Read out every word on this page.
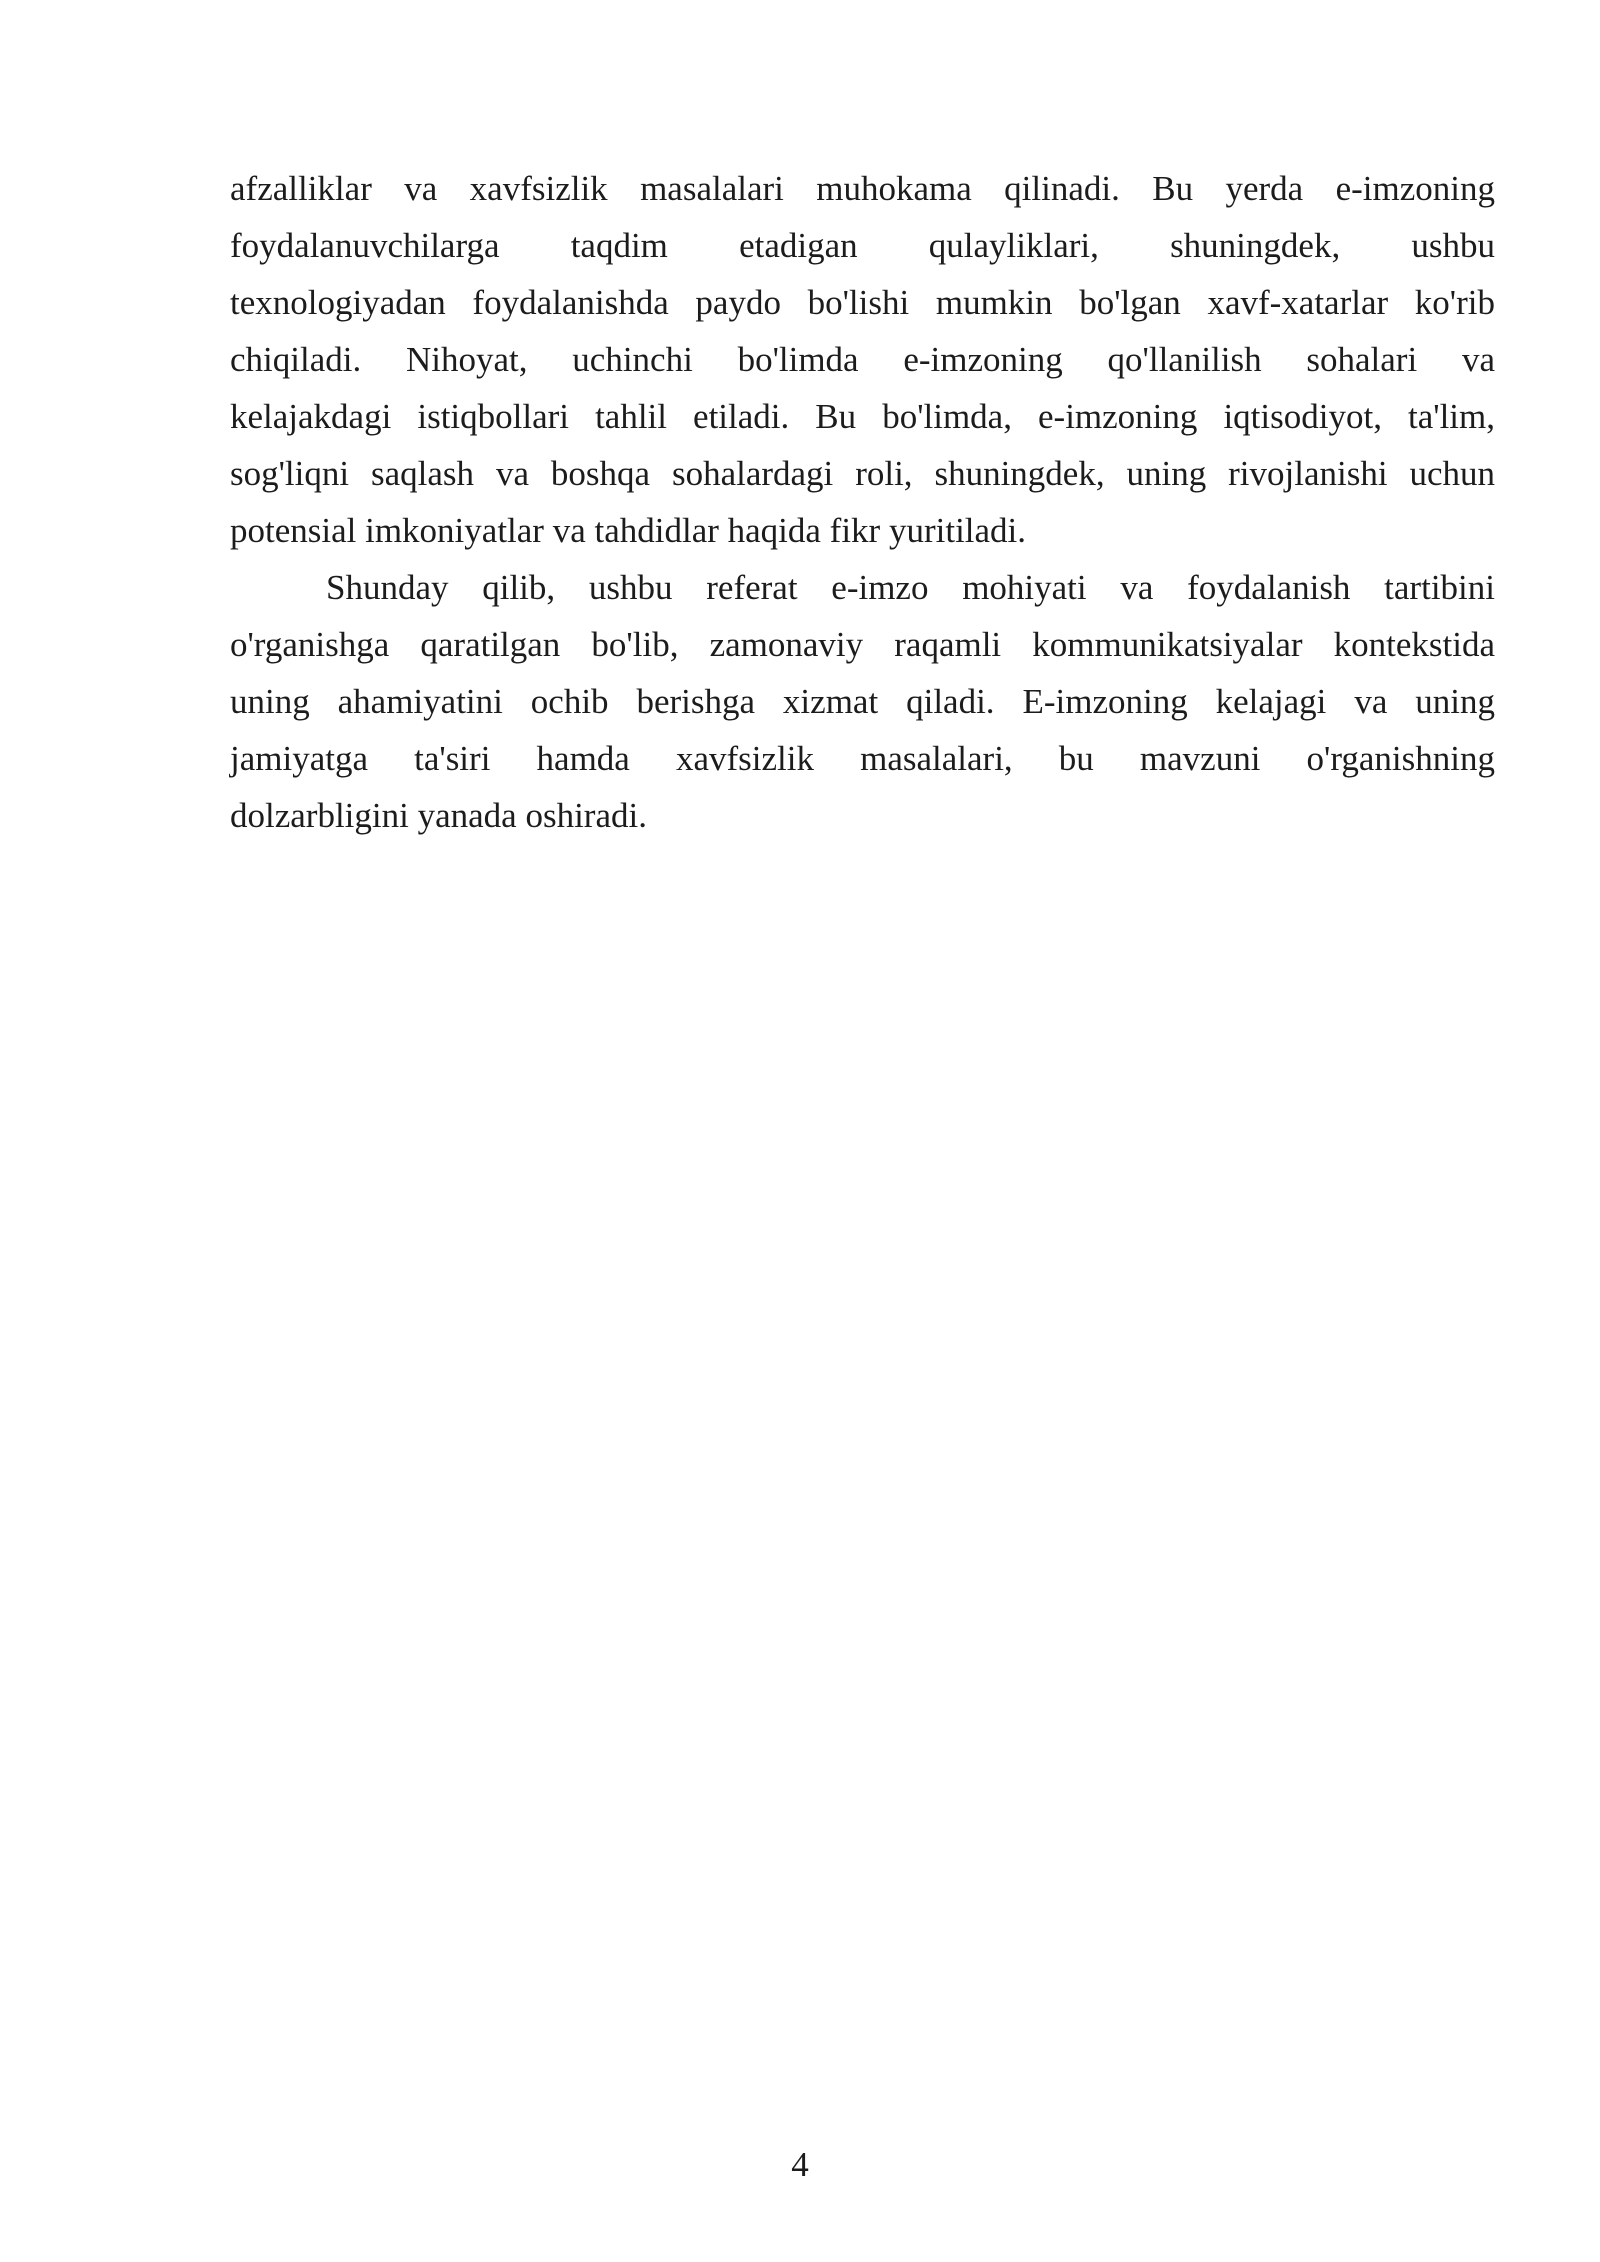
afzalliklar va xavfsizlik masalalari muhokama qilinadi. Bu yerda e-imzoning
foydalanuvchilarga taqdim etadigan qulayliklari, shuningdek, ushbu
texnologiyadan foydalanishda paydo bo'lishi mumkin bo'lgan xavf-xatarlar ko'rib
chiqiladi. Nihoyat, uchinchi bo'limda e-imzoning qo'llanilish sohalari va
kelajakdagi istiqbollari tahlil etiladi. Bu bo'limda, e-imzoning iqtisodiyot, ta'lim,
sog'liqni saqlash va boshqa sohalardagi roli, shuningdek, uning rivojlanishi uchun
potensial imkoniyatlar va tahdidlar haqida fikr yuritiladi.
Shunday qilib, ushbu referat e-imzo mohiyati va foydalanish tartibini
o'rganishga qaratilgan bo'lib, zamonaviy raqamli kommunikatsiyalar kontekstida
uning ahamiyatini ochib berishga xizmat qiladi. E-imzoning kelajagi va uning
jamiyatga ta'siri hamda xavfsizlik masalalari, bu mavzuni o'rganishning
dolzarbligini yanada oshiradi.
4
